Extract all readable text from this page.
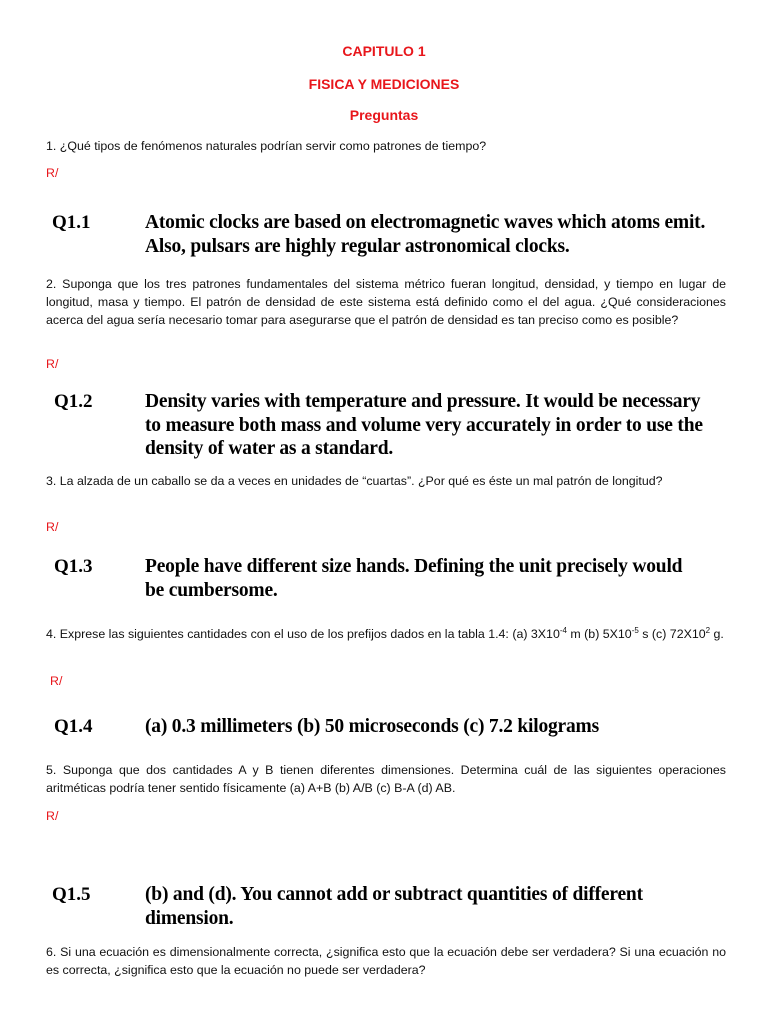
CAPITULO 1
FISICA Y MEDICIONES
Preguntas
1. ¿Qué tipos de fenómenos naturales podrían servir como patrones de tiempo?
R/
Q1.1	Atomic clocks are based on electromagnetic waves which atoms emit. Also, pulsars are highly regular astronomical clocks.
2. Suponga que los tres patrones fundamentales del sistema métrico fueran longitud, densidad, y tiempo en lugar de longitud, masa y tiempo. El patrón de densidad de este sistema está definido como el del agua. ¿Qué consideraciones acerca del agua sería necesario tomar para asegurarse que el patrón de densidad es tan preciso como es posible?
R/
Q1.2	Density varies with temperature and pressure. It would be necessary to measure both mass and volume very accurately in order to use the density of water as a standard.
3. La alzada de un caballo se da a veces en unidades de “cuartas”. ¿Por qué es éste un mal patrón de longitud?
R/
Q1.3	People have different size hands. Defining the unit precisely would be cumbersome.
4. Exprese las siguientes cantidades con el uso de los prefijos dados en la tabla 1.4: (a) $3X10^{-4}$ m (b) $5X10^{-5}$ s (c) $72X10^2$ g.
R/
Q1.4	(a) 0.3 millimeters (b) 50 microseconds (c) 7.2 kilograms
5. Suponga que dos cantidades A y B tienen diferentes dimensiones. Determina cuál de las siguientes operaciones aritméticas podría tener sentido físicamente (a) A+B (b) A/B (c) B-A (d) AB.
R/
Q1.5	(b) and (d). You cannot add or subtract quantities of different dimension.
6. Si una ecuación es dimensionalmente correcta, ¿significa esto que la ecuación debe ser verdadera? Si una ecuación no es correcta, ¿significa esto que la ecuación no puede ser verdadera?
